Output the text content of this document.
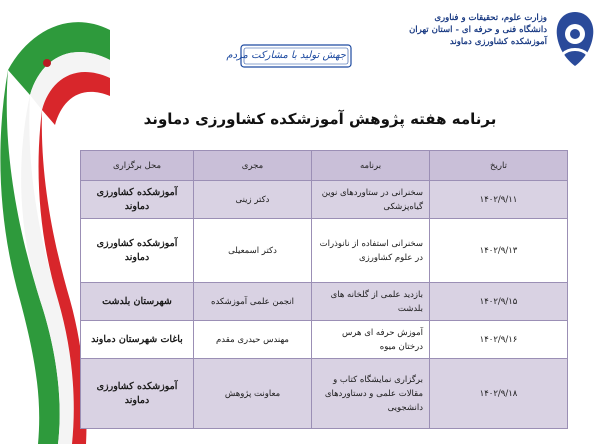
وزارت علوم، تحقیقات و فناوری
دانشگاه فنی و حرفه ای - استان تهران
آموزشکده کشاورزی دماوند
جهش تولید با مشارکت مردم
برنامه هفته پژوهش آموزشکده کشاورزی دماوند
تاریخ	برنامه	مجری	محل برگزاری
۱۴۰۲/۹/۱۱	سخنرانی در ستاوردهای نوین گیاه‌پزشکی	دکتر زینی	آموزشکده کشاورزی دماوند
۱۴۰۲/۹/۱۳	سخنرانی استفاده از نانوذرات در علوم کشاورزی	دکتر اسمعیلی	آموزشکده کشاورزی دماوند
۱۴۰۲/۹/۱۵	بازدید علمی از گلخانه های بلدشت	انجمن علمی آموزشکده	شهرستان بلدشت
۱۴۰۲/۹/۱۶	آموزش حرفه ای هرس درختان میوه	مهندس حیدری مقدم	باغات شهرستان دماوند
۱۴۰۲/۹/۱۸	برگزاری نمایشگاه کتاب و مقالات علمی و دستاوردهای دانشجویی	معاونت پژوهش	آموزشکده کشاورزی دماوند
